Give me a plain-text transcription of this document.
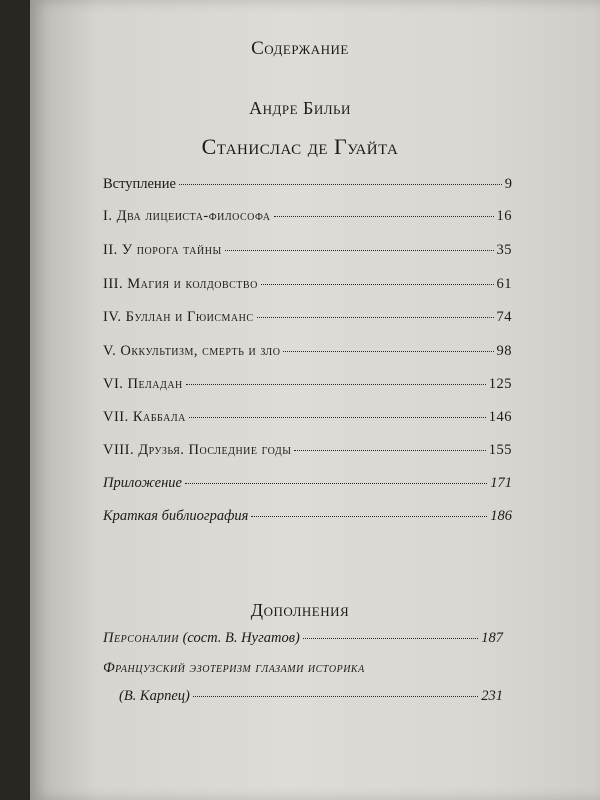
Содержание
Андре Бильи
Станислас де Гуайта
Вступление	9
I. Два лицеиста-философа	16
II. У порога тайны	35
III. Магия и колдовство	61
IV. Буллан и Гюисманс	74
V. Оккультизм, смерть и зло	98
VI. Пеладан	125
VII. Каббала	146
VIII. Друзья. Последние годы	155
Приложение	171
Краткая библиография	186
Дополнения
Персоналии (сост. В. Нугатов)	187
Французский эзотеризм глазами историка
(В. Карпец)	231
